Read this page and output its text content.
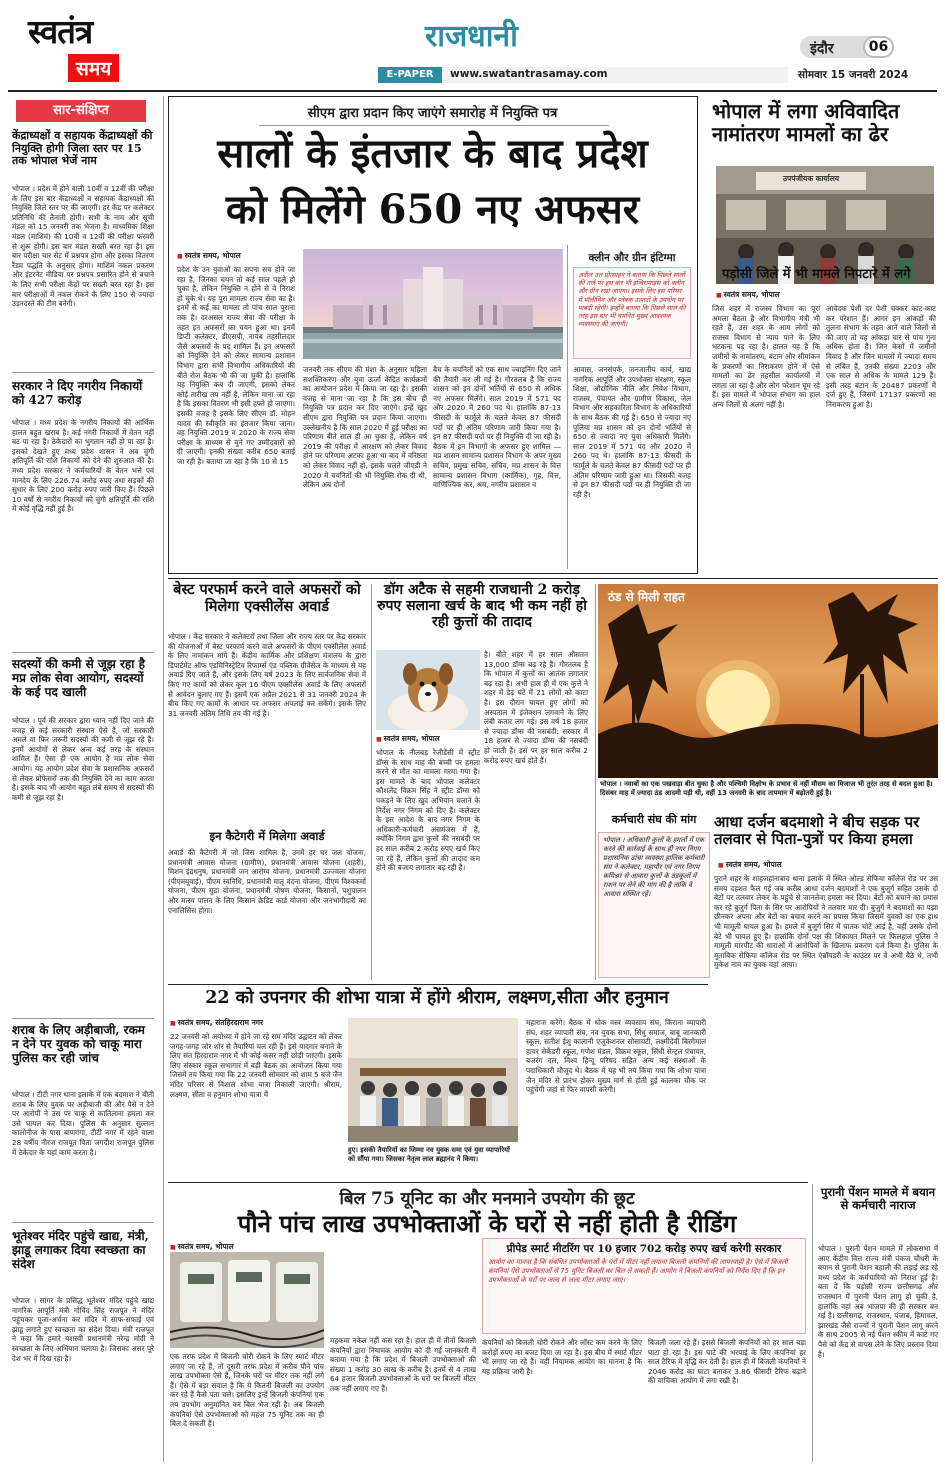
स्वतंत्र
समय
राजधानी
E-PAPER	www.swatantrasamay.com
इंदौर	06
सोमवार 15 जनवरी 2024
सार-संक्षिप्त
केंद्राध्यक्षों व सहायक केंद्राध्यक्षों की नियुक्ति होगी जिला स्तर पर 15 तक भोपाल भेजें नाम
भोपाल । प्रदेश में होने वाली 10वीं व 12वीं की परीक्षा के लिए इस बार केंद्राध्यक्षों व सहायक केंद्राध्यक्षों की नियुक्ति जिले स्तर पर की जाएगी। हर केंद्र पर कलेक्टर प्रतिनिधि की तैनाती होगी। सभी के नाम और सूची मंडल को 15 जनवरी तक भेजना है। माध्यमिक शिक्षा मंडल (माशिमं) की 10वीं व 12वीं की परीक्षा फरवरी से शुरू होगी। इस बार मंडल सख्ती बरत रहा है। इस बार परीक्षा चार सेट में प्रश्नपत्र होगा और इसका वितरण रैंडम पद्धति के अनुसार होगा। माशिमं नकल प्रकरण और इंटरनेट मीडिया पर प्रश्नपत्र प्रसारित होने से बचाने के लिए सभी परीक्षा केंद्रों पर सख्ती बरत रहा है। इस बार परीक्षाओं में नकल रोकने के लिए 150 से ज्यादा उड़नदस्ते की टीम बनेगी।
सरकार ने दिए नगरीय निकायों को 427 करोड़
भोपाल । मध्य प्रदेश के नगरीय निकायों की आर्थिक हालत बहुत खराब है। कई नगरी निकायों में वेतन नहीं बट पा रहा है। ठेकेदारों का भुगतान नहीं हो पा रहा है। इसको देखते हुए मध्य प्रदेश शासन ने अब चुंगी क्षतिपूर्ति की राशि निकायों को देने की शुरुआत की है। मध्य प्रदेश सरकार ने कर्मचारियों के वेतन भत्ते एवं मानदेय के लिए 226.74 करोड़ रुपए तथा सड़कों की सुधार के लिए 200 करोड़ रुपए जारी किए हैं। पिछले 10 वर्षों से नगरीय निकायों को चुंगी क्षतिपूर्ति की राशि में कोई वृद्धि नहीं हुई है।
सदस्यों की कमी से जूझ रहा है मप्र लोक सेवा आयोग, सदस्यों के कई पद खाली
भोपाल । पूर्व की सरकार द्वारा ध्यान नहीं दिए जाने की वजह से कई सरकारी संस्थान ऐसे हैं, जो सरकारी अमले या फिर जरूरी सदस्यों की कमी से जूझ रहे हैं। इनमें आयोगों से लेकर अन्य कई तरह के संस्थान शामिल हैं। ऐसा ही एक आयोग है मप्र लोक सेवा आयोग। यह आयोग प्रदेश सेवा के प्रशासनिक अफसरों से लेकर प्रोफेसरों तक की नियुक्ति देने का काम करता है। इसके बाद भी आयोग बहुत लंबे समय से सदस्यों की कमी से जूझ रहा है।
शराब के लिए अड़ीबाजी, रकम न देने पर युवक को चाकू मारा पुलिस कर रही जांच
भोपाल । टीटी नगर थाना इलाके में एक बदमाश ने बीती शराब के लिए युवक पर अड़ीबाजी की और पैसे न देने पर आरोपी ने उस पर चाकू से कातिलाना हमला कर उसे घायल कर दिया। पुलिस के अनुसार सुल्तान कालोनीज के पास बाणगंगा, टीटी नगर में रहने वाला 28 वर्षीय नीरज राजपूत पिता जगदीश राजपूत पुलिस में ठेकेदार के यहां काम करता है।
भूतेश्वर मंदिर पहुंचे खाद्य, मंत्री, झाडू लगाकर दिया स्वच्छता का संदेश
भोपाल । सागर के प्रसिद्ध भूतेश्वर मंदिर पहुंचे खाद्य नागरिक आपूर्ति मंत्री गोविंद सिंह राजपूत ने मंदिर पहुंचकर पूजा-अर्चना कर मंदिर में साफ-सफाई एवं झाडू लगाते हुए स्वच्छता का संदेश दिया। मंत्री राजपूत ने कहा कि हमारे यशस्वी प्रधानमंत्री नरेन्द्र मोदी ने स्वच्छता के लिए अभियान चलाया है। जिसका असर पूरे देश भर में दिख रहा है।
सीएम द्वारा प्रदान किए जाएंगे समारोह में नियुक्ति पत्र
सालों के इंतजार के बाद प्रदेश
को मिलेंगे 650 नए अफसर
■ स्वतंत्र समय, भोपाल
प्रदेश के उन युवाओं का सपना सच होने जा रहा है, जिनका चयन तो कई साल पहले हो चुका है, लेकिन नियुक्ति न होने से वे निराश हो चुके थे। यह पूरा मामला राज्य सेवा का है। इनमें से कई का मामला तो पांच साल पुराना तक है। दरअसल राज्य सेवा की परीक्षा के तहत इन अफसरों का चयन हुआ था। इनमें डिप्टी कलेक्टर, डीएसपी, नायब तहसीलदार जैसे अफसरों के पद शामिल हैं। इन अफसरों को नियुक्ति देने को लेकर सामान्य प्रशासन विभाग द्वारा सभी विभागीय अधिकारियों की बीते रोज बैठक भी की जा चुकी है। हालांकि यह नियुक्ति कब दी जाएगी, इसको लेकर कोई तारीख तय नहीं है, लेकिन माना जा रहा है कि इसका वितरण भी इसी हफ्ते हो जाएगा। इसकी वजह है इसके लिए सीएम डॉ. मोहन यादव की स्वीकृति का इंतजार किया जाना। वह नियुक्ति 2019 व 2020 के राज्य सेवा परीक्षा के माध्यम से चुने गए उम्मीदवारों को दी जाएगी। इनकी संख्या करीब 650 बताई जा रही है। बताया जा रहा है कि 10 से 15
जनवरी तक सीएम की मंशा के अनुसार महिला सशक्तिकरण और युवा ऊर्जा केंद्रित कार्यक्रमों का आयोजन प्रदेश में किया जा रहा है। इसकी वजह से माना जा रहा है कि इस बीच ही नियुक्ति पत्र प्रदान कर दिए जाएंगे। इन्हें खुद सीएम द्वारा नियुक्ति पत्र प्रदान किया जाएगा। उल्लेखनीय है कि साल 2020 में हुई परीक्षा का परिणाम बीते साल ही आ चुका है, लेकिन वर्ष 2019 की परीक्षा में आरक्षण को लेकर विवाद होने पर परिणाम अटका हुआ था बाद में वरिष्ठता को लेकर विवाद नहीं हो, इसके चलते जीएडी ने 2020 में चयनितों की भी नियुक्ति रोक दी थी, लेकिन अब दोनों
बैच के चयनितों को एक साथ ज्वाइनिंग दिए जाने की तैयारी कर ली गई है। गौरतलब है कि राज्य शासन को इन दोनों भर्तियों से 650 से अधिक नए अफसर मिलेंगे। साल 2019 में 571 पद और 2020 में 260 पद थे। हालांकि 87-13 फीसदी के फार्मूले के चलते केवल 87 फीसदी पदों पर ही अंतिम परिणाम जारी किया गया है। इन 87 फीसदी पदों पर ही नियुक्ति दी जा रही है। बैठक में इन विभागों के अफसर हुए शामिल — मप्र शासन सामान्य प्रशासन विभाग के अपर मुख्य सचिव, प्रमुख सचिव, सचिव, मप्र शासन के वित्त सामान्य प्रशासन विभाग (कार्मिक), गृह, वित्त, वाणिज्यिक कर, श्रम, नगरीय प्रशासन व
क्लीन और ग्रीन इंटिग्मा
अदील उत्त प्रोत्साहन ने बताया कि पिछले सालों की तर्ज पर इस बार भी इन्विरामाइस को क्लीन और ग्रीन रखा जाएगा। इसके लिए इस परिसर में पॉलीथिन और प्लेबक उत्पादों के उपयोग पर पाबंदी रहेगी। इन्होंने बताया कि पिछले साल की तरह इस बार भी चयनित मुख्य आवश्यक व्यवस्थाएं की जाएंगी।
आवास, जनसंपर्क, जनजातीय कार्य, खाद्य नागरिक आपूर्ति और उपभोक्ता संरक्षण, स्कूल शिक्षा, औद्योगिक नीति और निवेश विभाग, राजस्व, पंचायत और ग्रामीण विकास, जेल विभाग और सहकारिता विभाग के अधिकारियों के साथ बैठक की गई है। 650 से ज्यादा नए पुलिया मप्र शासन को इन दोनों भर्तियों से 650 से ज्यादा नए युवा अधिकारी मिलेंगे। साल 2019 में 571 पद और 2020 में 260 पद थे। हालांकि 87-13 फीसदी के फार्मूले के चलते केवल 87 फीसदी पदों पर ही अंतिम परिणाम जारी हुआ था। जिसकी वजह से इन 87 फीसदी पदों पर ही नियुक्ति दी जा रही है।
भोपाल में लगा अविवादित नामांतरण मामलों का ढेर
उपपंजीयक कार्यालय
पड़ोसी जिले में भी मामले निपटारे में लगे
■ स्वतंत्र समय, भोपाल
जिस शहर में राजस्व विभाग का पूरा अमला बैठता है और विभागीय मंत्री भी रहते हैं, उस शहर के आम लोगों को राजस्व विभाग से न्याय पाने के लिए भटकना पड़ रहा है। हालत यह है कि जमीनों के नामांतरण, बंटान और सीमांकन के प्रकरणों का निराकरण होने में ऐसे मामलों का ढेर तहसील कार्यालयों में लगता जा रहा है और लोग परेशान घूम रहे हैं। इस मामले में भोपाल संभाग का हाल अन्य जिलों से अलग नहीं है।
आवेदक पेशी दर पेशी चक्कर काट-काट कर परेशान हैं। आगर इन आंकड़ों की तुलना संभाग के तहत आने वाले जिलों से की जाए तो यह आंकड़ा चार से पांच गुना अधिक होता है। जिन केसों में जमीनों विवाद है और जिन मामलों में ज्यादा समय से लंबित हैं, उनकी संख्या 2203 और एक साल से अधिक के मामले 129 हैं। इसी तरह बंटान के 20487 प्रकरणों में दर्ज हुए हैं, जिसमें 17137 प्रकरणों का निराकरण हुआ है।
बेस्ट परफार्म करने वाले अफसरों को मिलेगा एक्सीलेंस अवार्ड
भोपाल । केंद्र सरकार ने कलेक्टरों तथा जिला और राज्य स्तर पर केंद्र सरकार की योजनाओं में बेस्ट परफार्म करने वाले अफसरों के पीएम एक्सीलेंस अवार्ड के लिए नामांकन मांगे हैं। केंद्रीय कार्मिक और प्रशिक्षण मंत्रालय के द्वारा डिपार्टमेंट ऑफ एडमिनिस्ट्रेटिव रिफार्म्स एंड पब्लिक ग्रीवेंसेज के माध्यम से यह अवार्ड दिए जाते हैं, और इसके लिए वर्ष 2023 के लिए सार्वजनिक सेवा में किए गए कामों को लेकर कुल 16 पीएम एक्सीलेंस अवार्ड के लिए अफसरों से आवेदन बुलाए गए हैं। इसमें एक अप्रैल 2021 से 31 जनवरी 2024 के बीच किए गए कामों के आधार पर अफसर अपलाई कर सकेंगे। इसके लिए 31 जनवरी अंतिम तिथि तय की गई है।
इन कैटेगरी में मिलेगा अवार्ड
अवार्ड की कैटेगरी में जो जिस शामिल है, उनमें हर घर जल योजना, प्रधानमंत्री आवास योजना (ग्रामीण), प्रधानमंत्री आवास योजना (शहरी), मिशन इंद्रधनुष, प्रधानमंत्री जन आरोग्य योजना, प्रधानमंत्री उज्ज्वला योजना (पीएमयूवाई), पीएम स्वनिधि, प्रधानमंत्री मातृ वंदना योजना, पीएम विश्वकर्मा योजना, पीएम मुद्रा योजना, प्रधानमंत्री पोषण योजना, किसानों, पशुपालन और मत्स्य पालन के लिए किसान क्रेडिट कार्ड योजना और जनभागीदारी का एनालिसिस होगा।
डॉग अटैक से सहमी राजधानी 2 करोड़ रुपए सलाना खर्च के बाद भी कम नहीं हो रही कुत्तों की तादाद
है। बीते शहर में हर साल औसतन 13,000 डॉग्स बढ़ रहे हैं। गौरतलब है कि भोपाल में कुत्तों का आतंक लगातार बढ़ रहा है। अभी हाल ही में एक कुत्ते ने शहर में डेढ़ घंटे में 21 लोगों को काटा है। इस दौरान घायल हुए लोगों को अस्पताल में इंजेक्शन लगवाने के लिए लंबी कतार लग गई। इस वर्ष 18 हजार से ज्यादा डॉग्स की नसबंदी: सरकार में 18 हजार से ज्यादा डॉग्स की नसबंदी हो जाती है। इस पर हर साल करीब 2 करोड़ रुपए खर्च होते हैं।
■ स्वतंत्र समय, भोपाल
भोपाल के नीलबड़ रेजीडेंसी में स्ट्रीट डॉग्स के साथ माह की बच्ची पर हमला करने से मौत का मामला गरमा गया है। इस मामले के बाद भोपाल कलेक्टर कौशलेंद्र विक्रम सिंह ने स्ट्रीट डॉग्स को पकड़ने के लिए खुद अभियान चलाने के निर्देश नगर निगम को दिए हैं। कलेक्टर के इस आदेश के बाद नगर निगम के अधिकारी-कर्मचारी असमंजस में हैं, क्योंकि निगम द्वारा कुत्तों की नसबंदी पर हर साल करीब 2 करोड़ रुपए खर्च किए जा रहे हैं, लेकिन कुत्तों की तादाद कम होने की बजाय लगातार बढ़ रही है।
ठंड से मिली राहत
भोपाल । नवाबों का एक पखवाड़ा बीत चुका है और पश्चिमी विक्षोभ के प्रभाव से नहीं मौसम का मिजाज भी तुरंत तरह से बदल हुआ है। दिसंबर माह में ज्यादा ठंड आदमी पड़ी थी, वहीं 13 जनवरी के बाद तापमान में बढ़ोतरी हुई है।
कर्मचारी संघ की मांग
भोपाल । अधिकारी कुत्तों के हमलों में एक करने की कार्रवाई के साथ ही नगर निगम प्रशासनिक ढांचा व्यवस्था हालिक कर्मचारी संघ ने कलेक्टर, महापौर एवं नगर निगम कमिश्नर से आवारा कुत्तों के ठंडकूलों में राशन पर लेने की मांग की है ताकि वे आवारा संस्थित रहें।
आधा दर्जन बदमाशो ने बीच सड़क पर तलवार से पिता-पुत्रों पर किया हमला
■ स्वतंत्र समय, भोपाल
पुराने शहर के शाहजहांनाबाद थाना इलाके में स्थित ओल्ड सेफिया कॉलेज रोड पर उस समय दहशत फैल गई जब करीब आधा दर्जन बदमाशों ने एक बुजुर्ग सहित उसके दो बेटों पर तलवार लेकर के पहुंचे से जानलेवा हमला कर दिया। बेटों को बचाने का प्रयास कर रहे बुजुर्ग पिता के सिर पर आरोपियों ने तलवार मार दी। बुजुर्ग ने बदमाशों का पझा छीनकर अपना और बेटों का बचाव करने का प्रयास किया जिसमें युवकों का एक हाथ भी मामूली घायल हुआ है। हमले में बुजुर्ग सिर में घातक चोटें आई है, वहीं उसके दोनों बेटे भी घायल हुए हैं। हालांकि दोनों पक्ष की शिकायत मिलने पर फिलहाल पुलिस ने मामूली मारपीट की धाराओं में आरोपियों के खिलाफ प्रकरण दर्ज किया है। पुलिस के मुताबिक सेफिया कॉलेज रोड पर स्थित एंब्रॉयडरी के काउंटर पर वे अभी बैठे थे, तभी मुकेश नाम का युवक वहां आया।
22 को उपनगर की शोभा यात्रा में होंगे श्रीराम, लक्ष्मण,सीता और हनुमान
■ स्वतंत्र समय, संतहिरदाराम नगर
22 जनवरी को अयोध्या में होने जा रहे राम मंदिर उद्घाटन को लेकर जगह-जगह जोर शोर से तैयारियां चल रही हैं। इसे यादगार बनाने के लिए संत हिरदाराम नगर में भी कोई कसर नहीं छोड़ी जाएगी। इसके लिए संस्कार स्कूल सभागार में बड़ी बैठक का आयोजन किया गया जिसमें तय किया गया कि 22 जनवरी सोमवार को शाम 5 बजे जैन मंदिर परिसर से विशाल शोभा यात्रा निकाली जाएगी। श्रीराम, लक्ष्मण, सीता व हनुमान शोभा यात्रा में
हुए। इसकी तैयारियों का जिम्मा नव युवक समा एवं युवा व्यापारियों को सौंपा गया। जिसका नेतृत्व लाल ब्रह्मानंद ने किया।
महाराज करेंगे। बैठक में थोक वस्त्र व्यवसाय संघ, किराना व्यापारी संघ, शहर व्यापारी संघ, नव युवक सभा, सिंधु समाज, बाबू जानकारी स्कूल, सतीश ईशु कालानी एजुकेशनल सोसायटी, लक्ष्मीदेवी बिरगेमाल हायर सेकेंडरी स्कूल, गणेश मंडल, विक्रम स्कूल, सिंधी सेन्ट्रल पंचायत, बजरंग दल, विश्व हिन्दू परिषद सहित अन्य कई संस्थाओं के पदाधिकारी मौजूद थे। बैठक में यह भी तय किया गया कि शोभा यात्रा जैन मंदिर से प्रारंभ होकर मुख्य मार्ग से होती हुई कालका चौक पर पहुंचेगी जहां से फिर वापसी करेगी।
बिल 75 यूनिट का और मनमाने उपयोग की छूट
पौने पांच लाख उपभोक्ताओं के घरों से नहीं होती है रीडिंग
■ स्वतंत्र समय, भोपाल
एक तरफ प्रदेश में बिजली चोरी रोकने के लिए स्मार्ट मीटर लगाए जा रहे हैं, तो दूसरी तरफ प्रदेश में करीब पौने पांच लाख उपभोक्ता ऐसे हैं, जिनके घरों पर मीटर तक नहीं लगे हैं। ऐसे में बड़ा सवाल है कि ये कितनी बिजली का उपयोग कर रहे हैं कैसे पता चले। इसलिए इन्हें बिजली कंपनियां एक तय उपभोग अनुमानित कर बिल भेज रही है। अब बिजली कंपनियां ऐसे उपभोक्ताओं को महज 75 यूनिट तक का ही बिल दे सकती हैं।
महकमा नकेल नहीं कस रहा है। हाल ही में तीनों बिजली कंपनियों द्वारा नियामक आयोग को दी गई जानकारी में बताया गया है कि प्रदेश में बिजली उपभोक्ताओं की संख्या 1 करोड़ 30 लाख के करीब है। इनमें से 4 लाख 64 हजार बिजली उपभोक्ताओं के घरों पर बिजली मीटर तक नहीं लगाए गए हैं।
प्रीपेड स्मार्ट मीटरिंग पर 10 हजार 702 करोड़ रुपए खर्च करेगी सरकार
आयोग का मानना है कि संबंधित उपभोक्ताओं के घरों में मीटर नहीं लगाना बिजली कंपनियों की लापरवाही है। ऐसे में बिजली कंपनियां ऐसे उपभोक्ताओं से 75 यूनिट बिजली का बिल ले सकती हैं। आयोग ने बिजली कंपनियों को निर्देश दिए हैं कि इन उपभोक्ताओं के घरों पर जल्द से जल्द मीटर लगाए जाएं।
कंपनियों को बिजली चोरी रोकने और लॉस्ट कम करने के लिए करोड़ों रुपए का बजट दिया जा रहा है। इस बीच में स्मार्ट मीटर भी लगाए जा रहे हैं। वहीं नियामक आयोग का मानना है कि यह प्रक्रिया जारी है।
बिजली जला रहे हैं। इससे बिजली कंपनियों को हर साल बड़ा घाटा हो रहा है। इस घाटे की भरपाई के लिए कंपनियां हर साल टैरिफ में वृद्धि कर देती हैं। हाल ही में बिजली कंपनियों ने 2046 करोड़ का घाटा बताकर 3.86 फीसदी टैरिफ बढ़ाने की याचिका आयोग में लगा रखी है।
पुरानी पेंशन मामले में बयान से कर्मचारी नाराज
भोपाल । पुरानी पेंशन मामले में लोकसभा में आए केंद्रीय वित्त राज्य मंत्री पंकज चौधरी के बयान से पुरानी पेंशन बहाली की लड़ाई लड़ रहे मध्य प्रदेश के कर्मचारियों को निराश हुई है। बता दें कि पड़ोसी राज्य छत्तीसगढ़ और राजस्थान में पुरानी पेंशन लागू हो चुकी है, हालांकि वहां अब भाजपा की ही सरकार बन गई है। छत्तीसगढ़, राजस्थान, पंजाब, हिमाचल, झारखंड जैसे राज्यों ने पुरानी पेंशन लागू करने के साथ 2005 से नई पेंशन स्कीम में काटे गए पैसे को केंद्र से वापस लेने के लिए प्रस्ताव दिया है।
